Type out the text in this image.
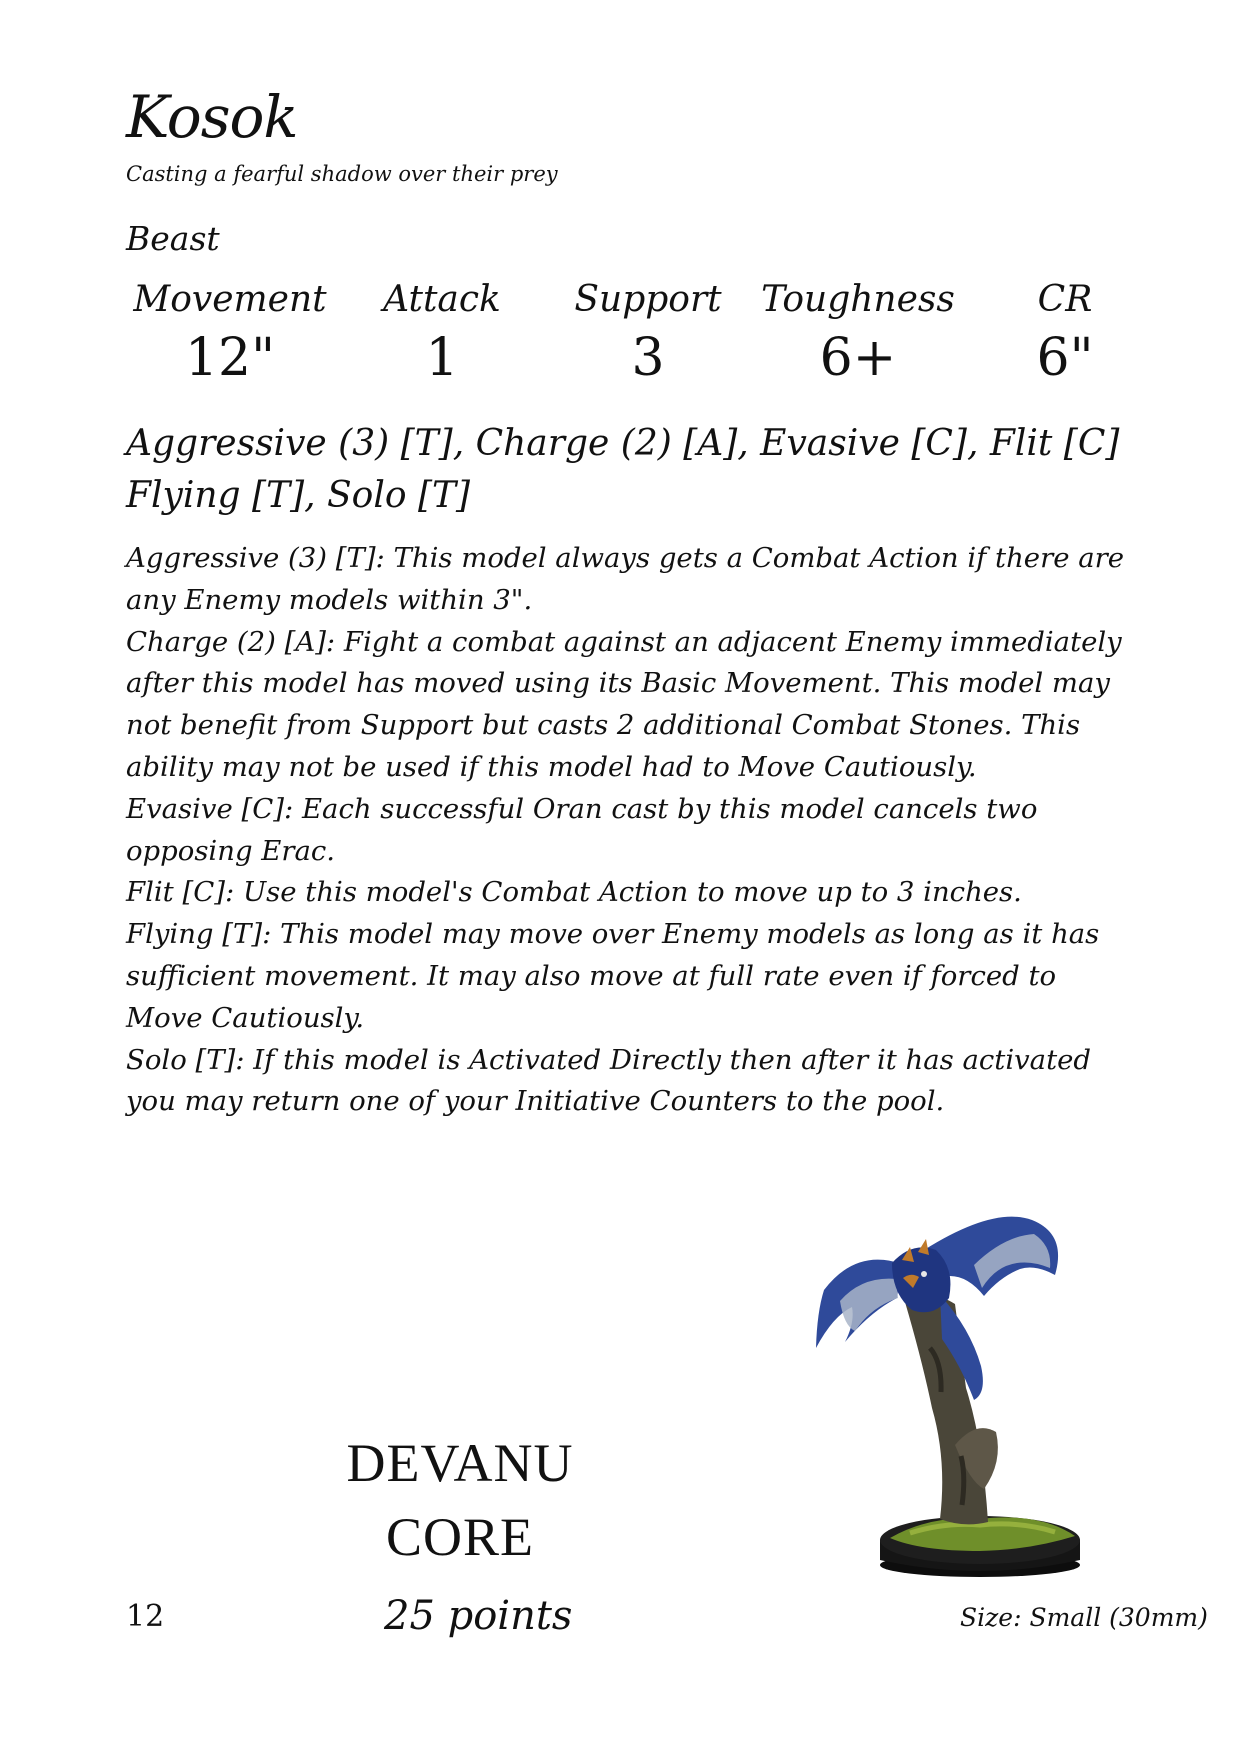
Kosok
Casting a fearful shadow over their prey
Beast
Movement
12"
Attack
1
Support
3
Toughness
6+
CR
6"
Aggressive (3) [T], Charge (2) [A], Evasive [C], Flit [C]
Flying [T], Solo [T]

Aggressive (3) [T]: This model always gets a Combat Action if there are any Enemy models within 3".

Charge (2) [A]: Fight a combat against an adjacent Enemy immediately after this model has moved using its Basic Movement. This model may not benefit from Support but casts 2 additional Combat Stones. This ability may not be used if this model had to Move Cautiously.

Evasive [C]: Each successful Oran cast by this model cancels two opposing Erac.

Flit [C]: Use this model's Combat Action to move up to 3 inches.

Flying [T]: This model may move over Enemy models as long as it has sufficient movement. It may also move at full rate even if forced to Move Cautiously.

Solo [T]: If this model is Activated Directly then after it has activated you may return one of your Initiative Counters to the pool.

DEVANU
CORE
12	25 points	Size: Small (30mm)
